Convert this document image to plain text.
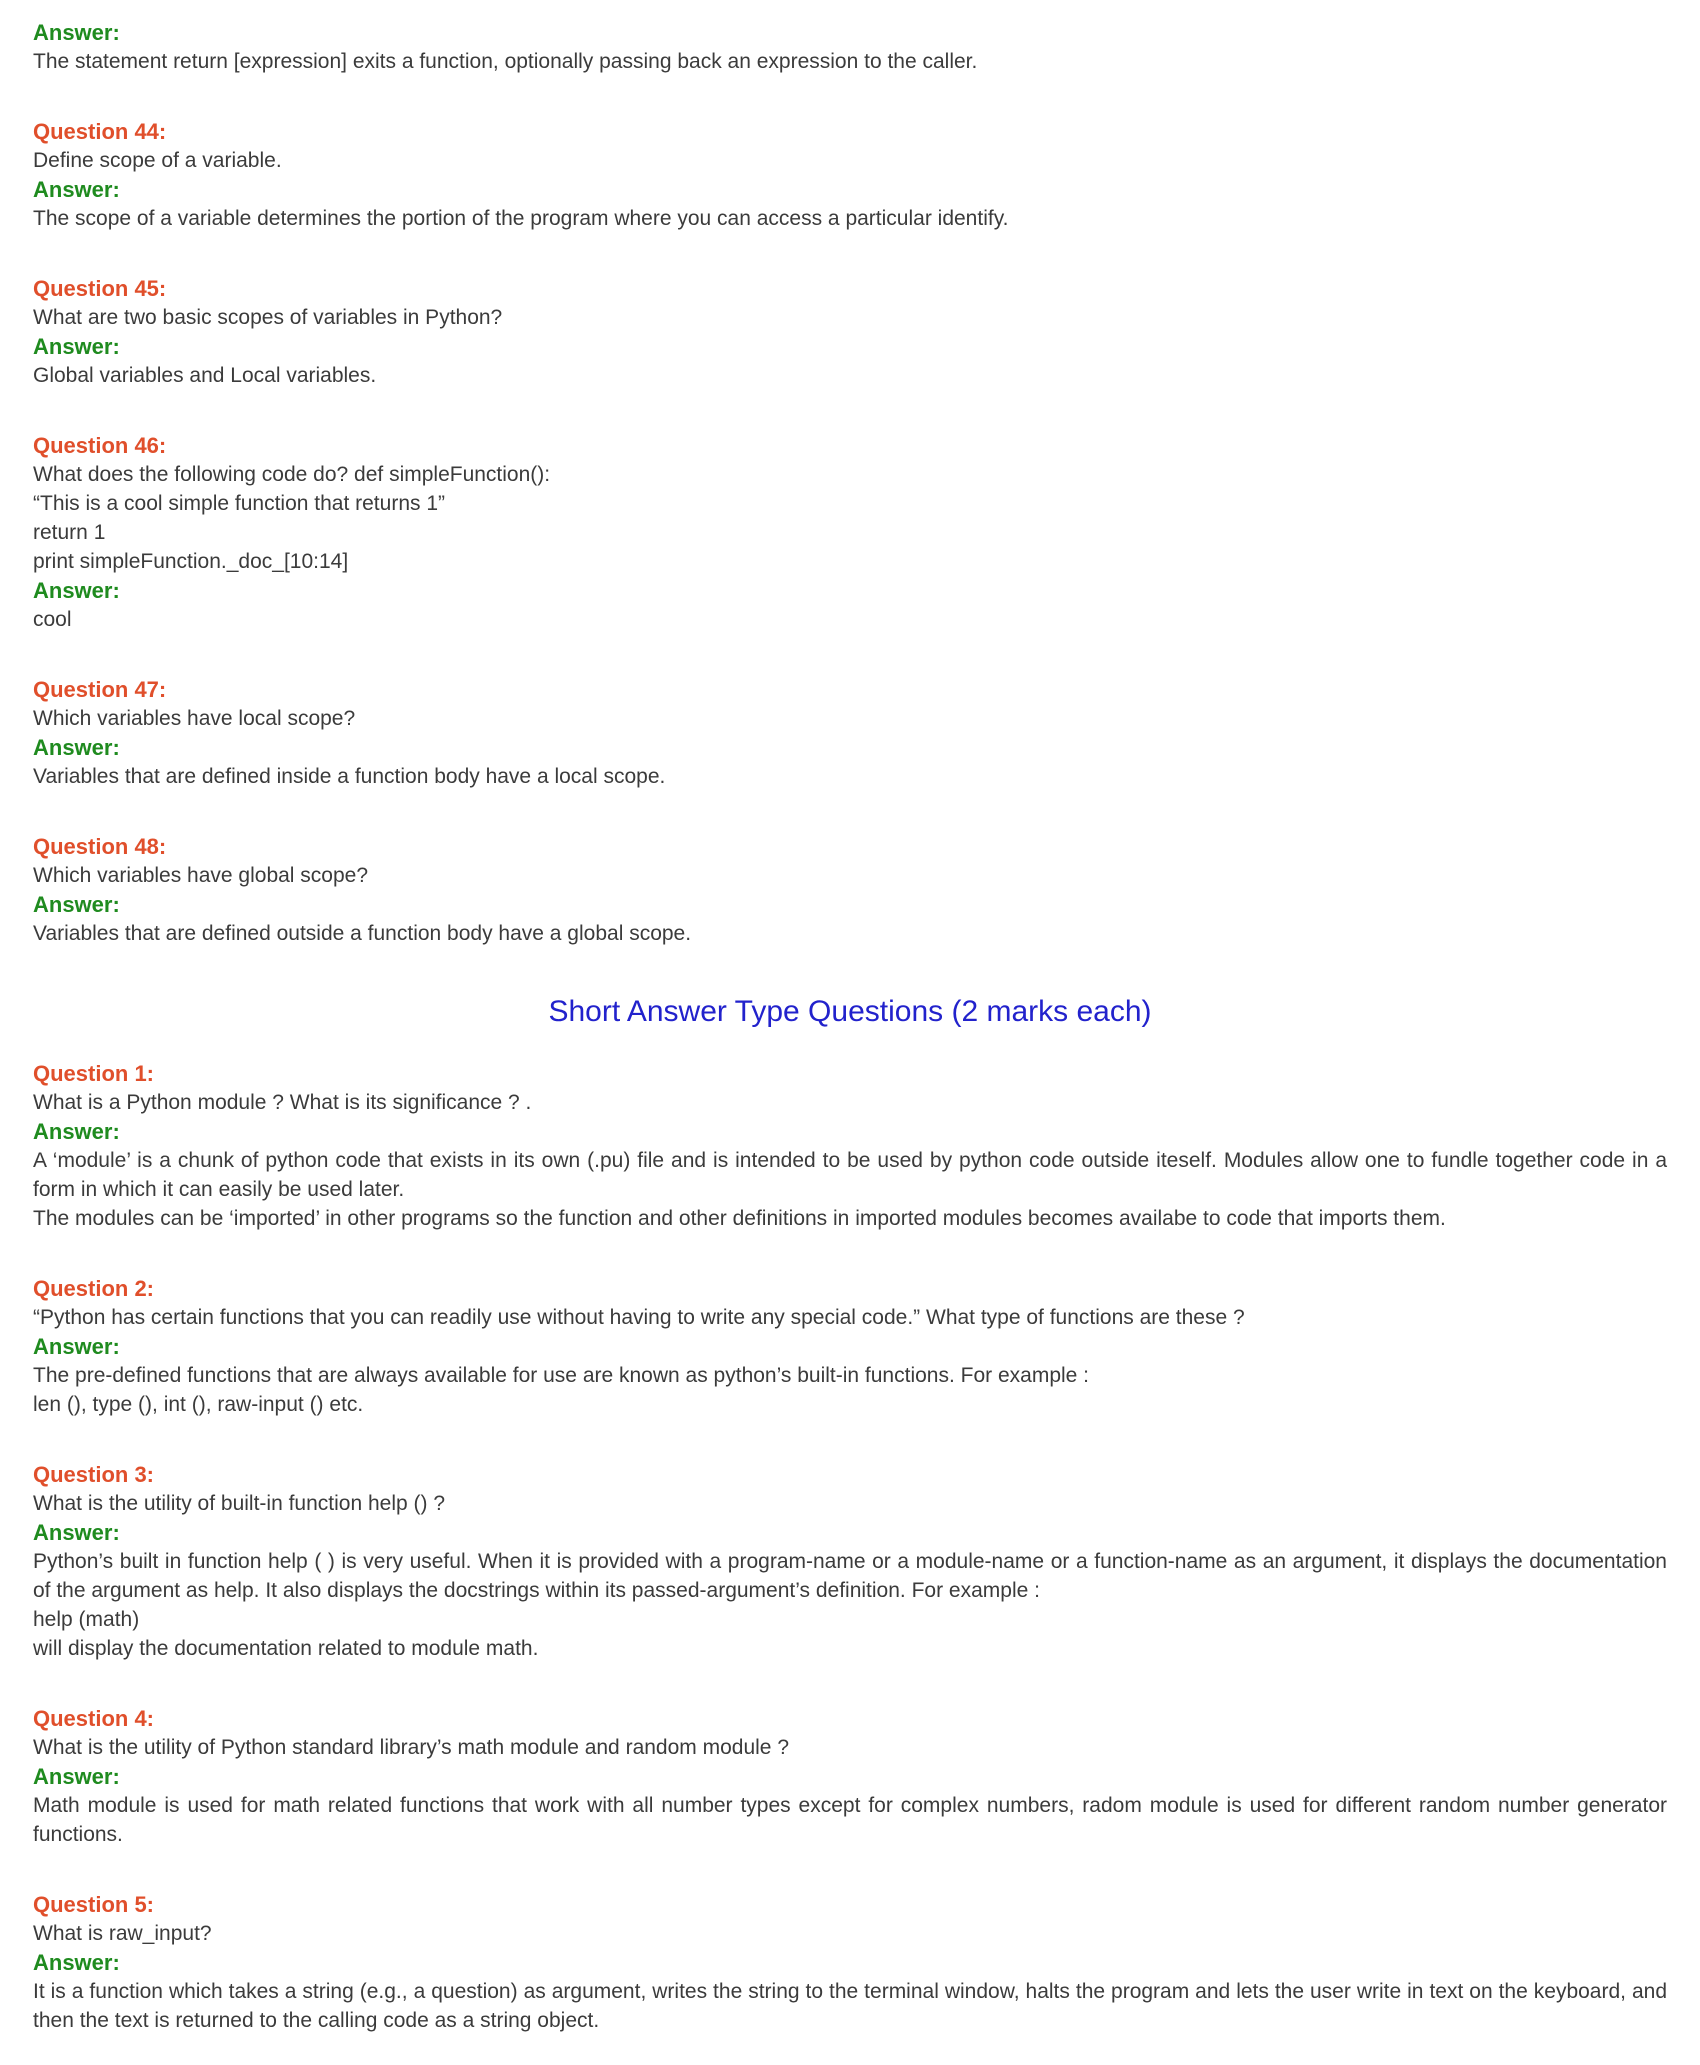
Answer:
The statement return [expression] exits a function, optionally passing back an expression to the caller.
Question 44:
Define scope of a variable.
Answer:
The scope of a variable determines the portion of the program where you can access a particular identify.
Question 45:
What are two basic scopes of variables in Python?
Answer:
Global variables and Local variables.
Question 46:
What does the following code do? def simpleFunction():
“This is a cool simple function that returns 1”
return 1
print simpleFunction._doc_[10:14]
Answer:
cool
Question 47:
Which variables have local scope?
Answer:
Variables that are defined inside a function body have a local scope.
Question 48:
Which variables have global scope?
Answer:
Variables that are defined outside a function body have a global scope.
Short Answer Type Questions (2 marks each)
Question 1:
What is a Python module ? What is its significance ? .
Answer:
A ‘module’ is a chunk of python code that exists in its own (.pu) file and is intended to be used by python code outside iteself. Modules allow one to fundle together code in a form in which it can easily be used later.
The modules can be ‘imported’ in other programs so the function and other definitions in imported modules becomes availabe to code that imports them.
Question 2:
“Python has certain functions that you can readily use without having to write any special code.” What type of functions are these ?
Answer:
The pre-defined functions that are always available for use are known as python’s built-in functions. For example :
len (), type (), int (), raw-input () etc.
Question 3:
What is the utility of built-in function help () ?
Answer:
Python’s built in function help ( ) is very useful. When it is provided with a program-name or a module-name or a function-name as an argument, it displays the documentation of the argument as help. It also displays the docstrings within its passed-argument’s definition. For example :
help (math)
will display the documentation related to module math.
Question 4:
What is the utility of Python standard library’s math module and random module ?
Answer:
Math module is used for math related functions that work with all number types except for complex numbers, radom module is used for different random number generator functions.
Question 5:
What is raw_input?
Answer:
It is a function which takes a string (e.g., a question) as argument, writes the string to the terminal window, halts the program and lets the user write in text on the keyboard, and then the text is returned to the calling code as a string object.
